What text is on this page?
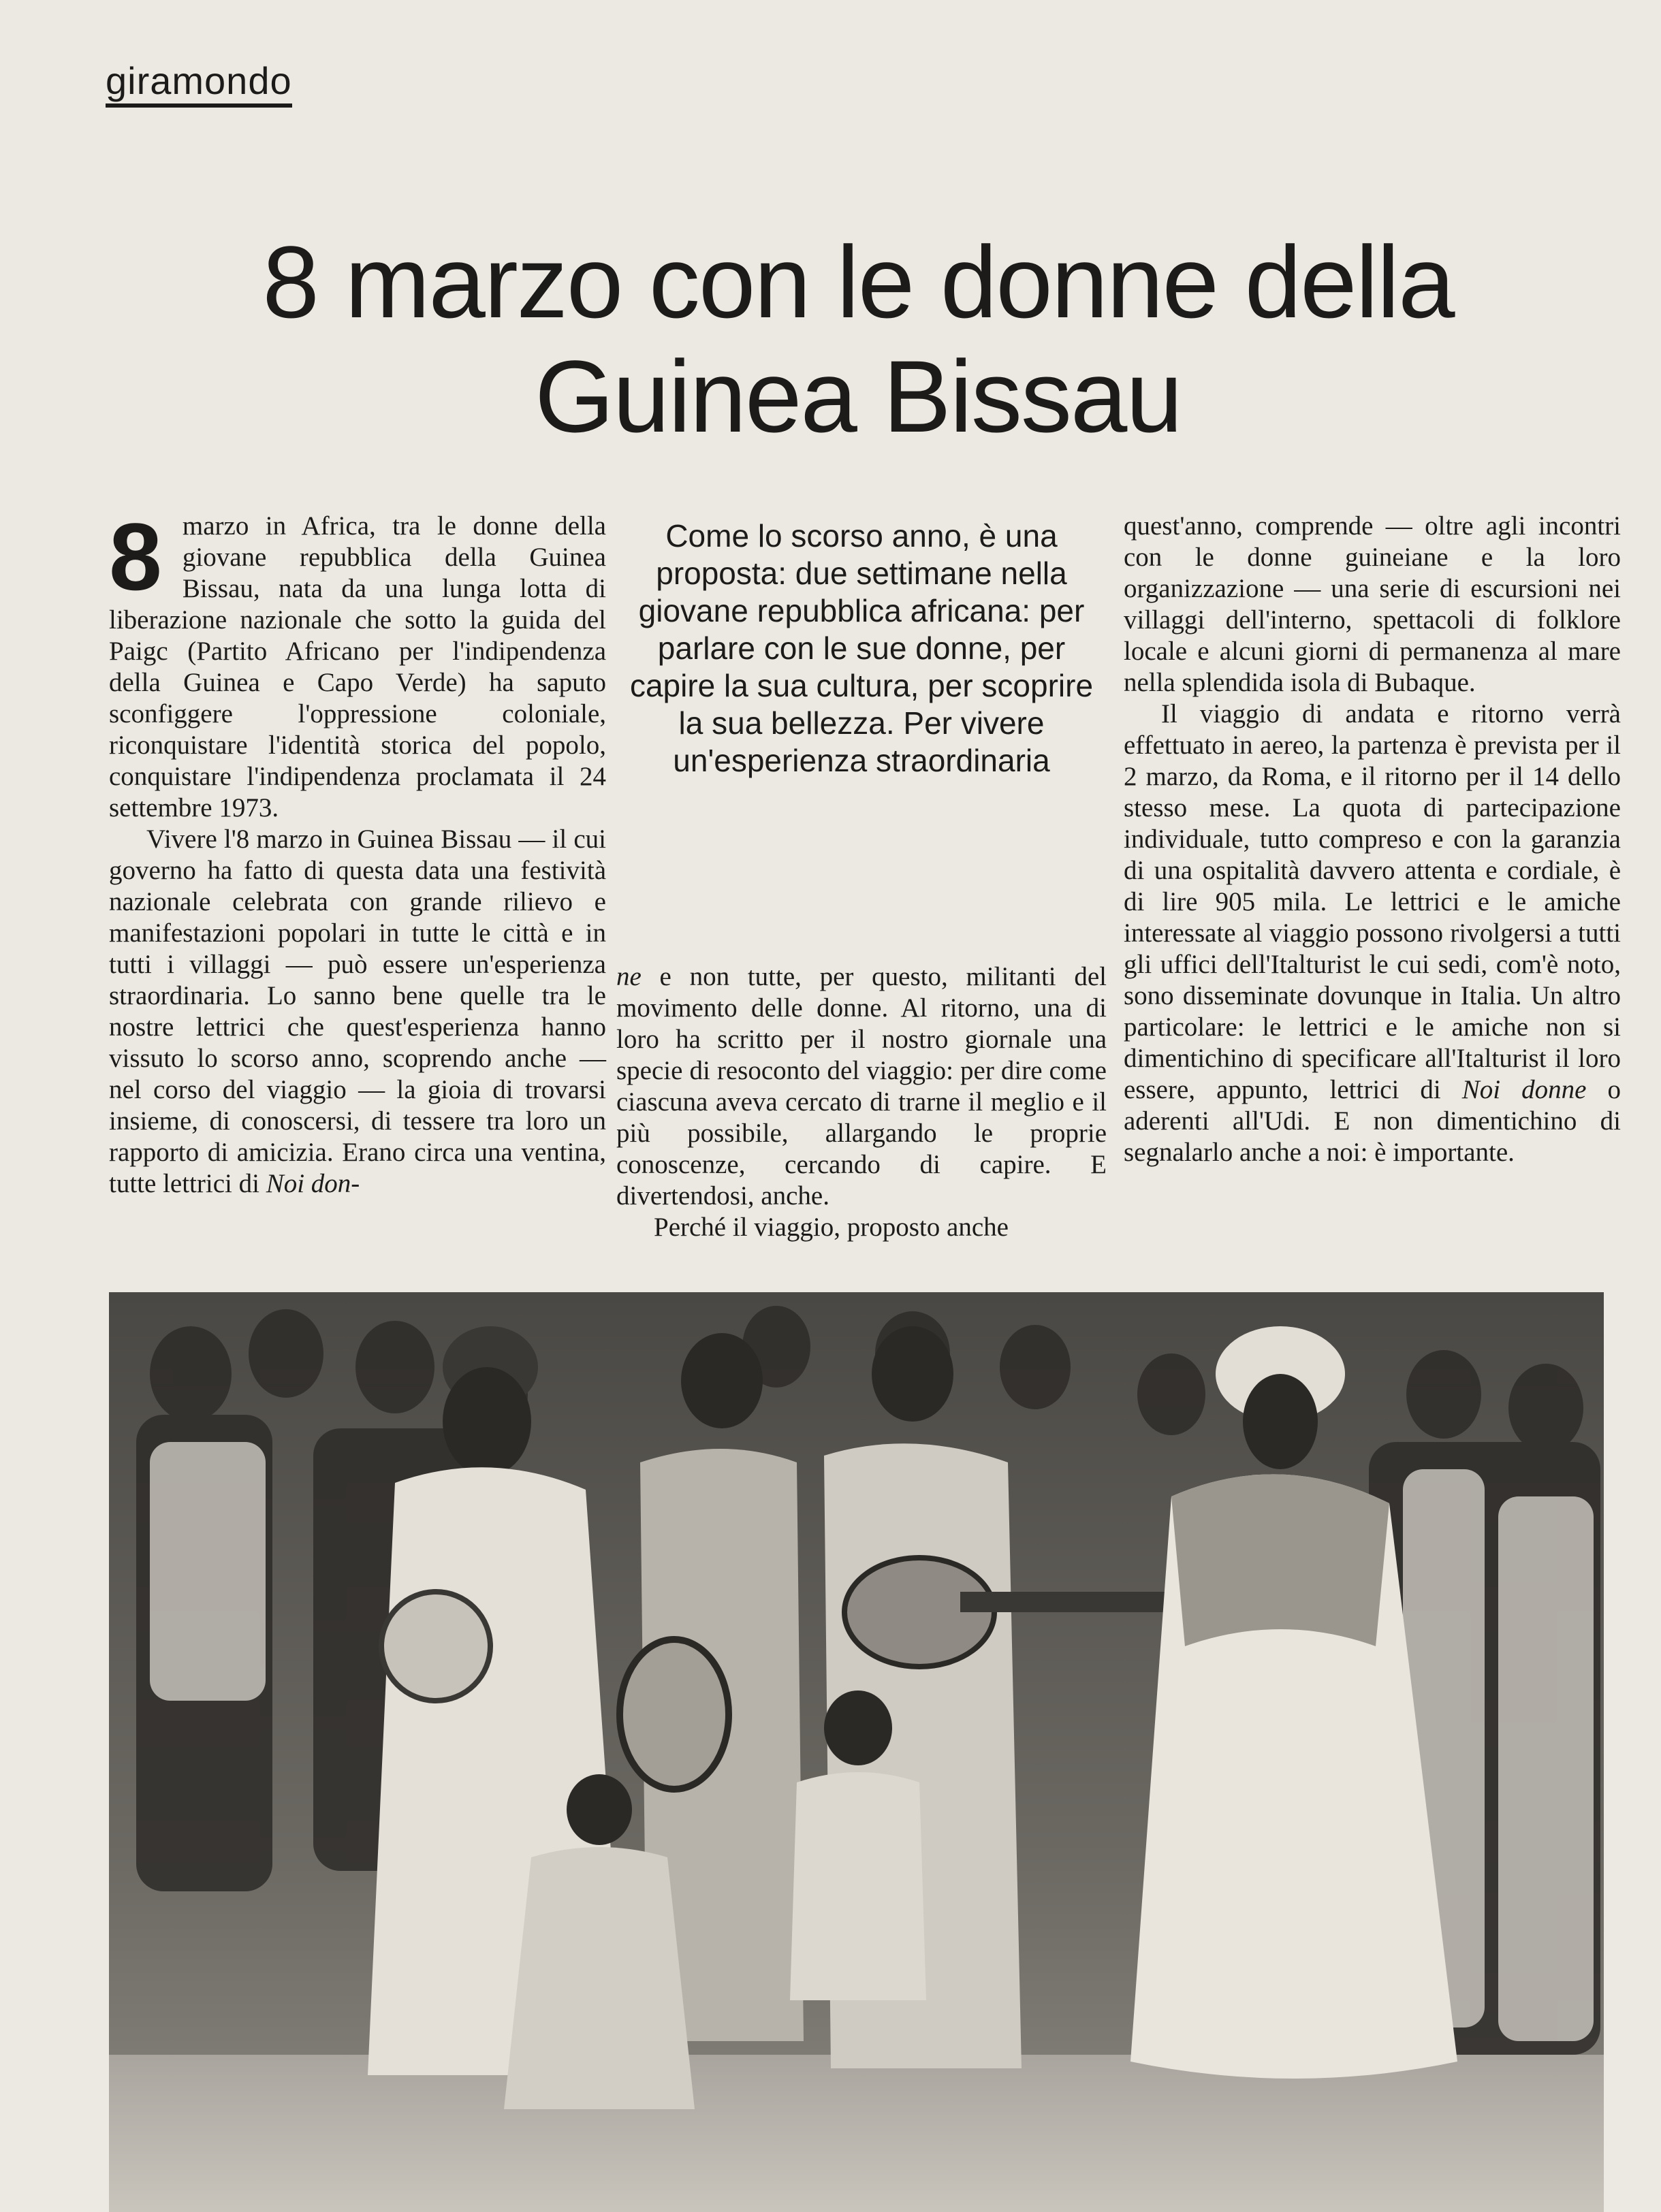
giramondo
8 marzo con le donne della
Guinea Bissau

8 marzo in Africa, tra le donne della giovane repubblica della Guinea Bissau, nata da una lunga lotta di liberazione nazionale che sotto la guida del Paigc (Partito Africano per l'indipendenza della Guinea e Capo Verde) ha saputo sconfiggere l'oppressione coloniale, riconquistare l'identità storica del popolo, conquistare l'indipendenza proclamata il 24 settembre 1973.

Vivere l'8 marzo in Guinea Bissau — il cui governo ha fatto di questa data una festività nazionale celebrata con grande rilievo e manifestazioni popolari in tutte le città e in tutti i villaggi — può essere un'esperienza straordinaria. Lo sanno bene quelle tra le nostre lettrici che quest'esperienza hanno vissuto lo scorso anno, scoprendo anche — nel corso del viaggio — la gioia di trovarsi insieme, di conoscersi, di tessere tra loro un rapporto di amicizia. Erano circa una ventina, tutte lettrici di Noi don-

Come lo scorso anno, è una proposta: due settimane nella giovane repubblica africana: per parlare con le sue donne, per capire la sua cultura, per scoprire la sua bellezza. Per vivere un'esperienza straordinaria

ne e non tutte, per questo, militanti del movimento delle donne. Al ritorno, una di loro ha scritto per il nostro giornale una specie di resoconto del viaggio: per dire come ciascuna aveva cercato di trarne il meglio e il più possibile, allargando le proprie conoscenze, cercando di capire. E divertendosi, anche.

Perché il viaggio, proposto anche

quest'anno, comprende — oltre agli incontri con le donne guineiane e la loro organizzazione — una serie di escursioni nei villaggi dell'interno, spettacoli di folklore locale e alcuni giorni di permanenza al mare nella splendida isola di Bubaque.

Il viaggio di andata e ritorno verrà effettuato in aereo, la partenza è prevista per il 2 marzo, da Roma, e il ritorno per il 14 dello stesso mese. La quota di partecipazione individuale, tutto compreso e con la garanzia di una ospitalità davvero attenta e cordiale, è di lire 905 mila. Le lettrici e le amiche interessate al viaggio possono rivolgersi a tutti gli uffici dell'Italturist le cui sedi, com'è noto, sono disseminate dovunque in Italia. Un altro particolare: le lettrici e le amiche non si dimentichino di specificare all'Italturist il loro essere, appunto, lettrici di Noi donne o aderenti all'Udi. E non dimentichino di segnalarlo anche a noi: è importante.
